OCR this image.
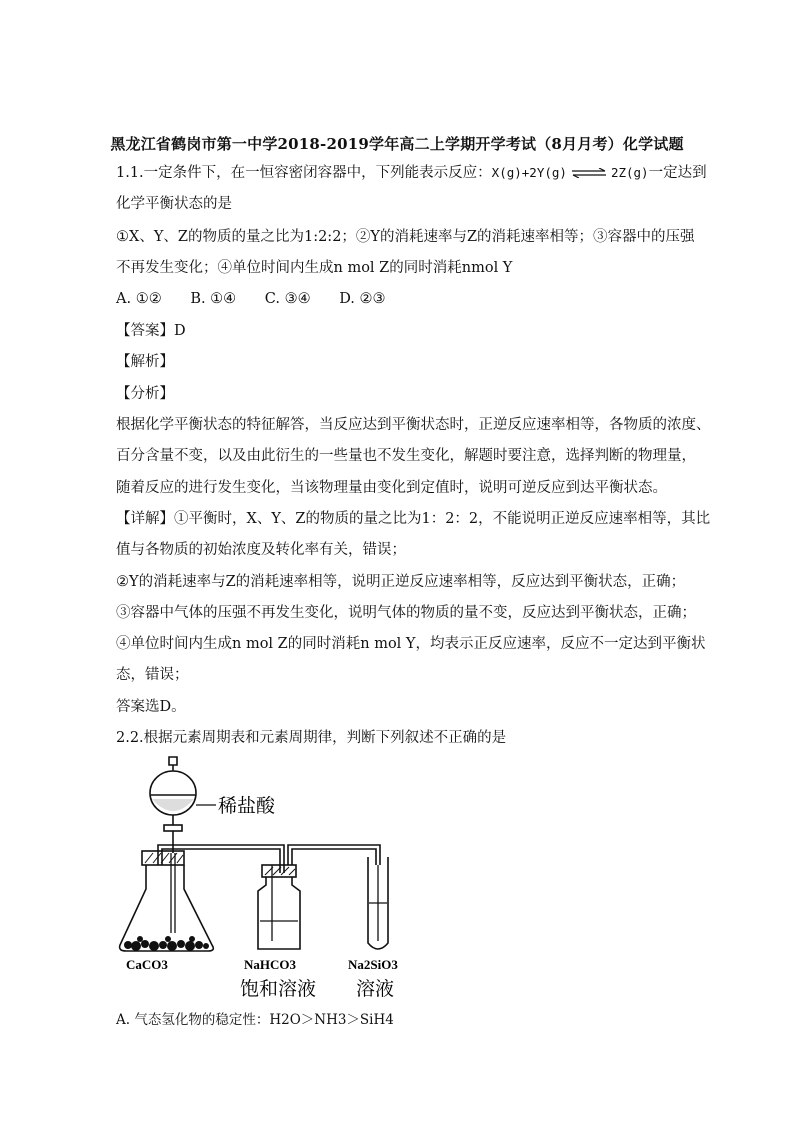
黑龙江省鹤岗市第一中学2018-2019学年高二上学期开学考试（8月月考）化学试题
1.1.一定条件下，在一恒容密闭容器中，下列能表示反应：X(g)+2Y(g) ⇌ 2Z(g)一定达到
化学平衡状态的是
①X、Y、Z的物质的量之比为1:2:2；②Y的消耗速率与Z的消耗速率相等；③容器中的压强
不再发生变化；④单位时间内生成n mol Z的同时消耗nmol Y
A. ①② B. ①④ C. ③④ D. ②③
【答案】D
【解析】
【分析】
根据化学平衡状态的特征解答，当反应达到平衡状态时，正逆反应速率相等，各物质的浓度、
百分含量不变，以及由此衍生的一些量也不发生变化，解题时要注意，选择判断的物理量，
随着反应的进行发生变化，当该物理量由变化到定值时，说明可逆反应到达平衡状态。
【详解】①平衡时，X、Y、Z的物质的量之比为1：2：2，不能说明正逆反应速率相等，其比
值与各物质的初始浓度及转化率有关，错误；
②Y的消耗速率与Z的消耗速率相等，说明正逆反应速率相等，反应达到平衡状态，正确；
③容器中气体的压强不再发生变化，说明气体的物质的量不变，反应达到平衡状态，正确；
④单位时间内生成n mol Z的同时消耗n mol Y，均表示正反应速率，反应不一定达到平衡状
态，错误；
答案选D。
2.2.根据元素周期表和元素周期律，判断下列叙述不正确的是
稀盐酸
CaCO3	NaHCO3
饱和溶液
Na2SiO3
溶液
A. 气态氢化物的稳定性：H2O＞NH3＞SiH4
